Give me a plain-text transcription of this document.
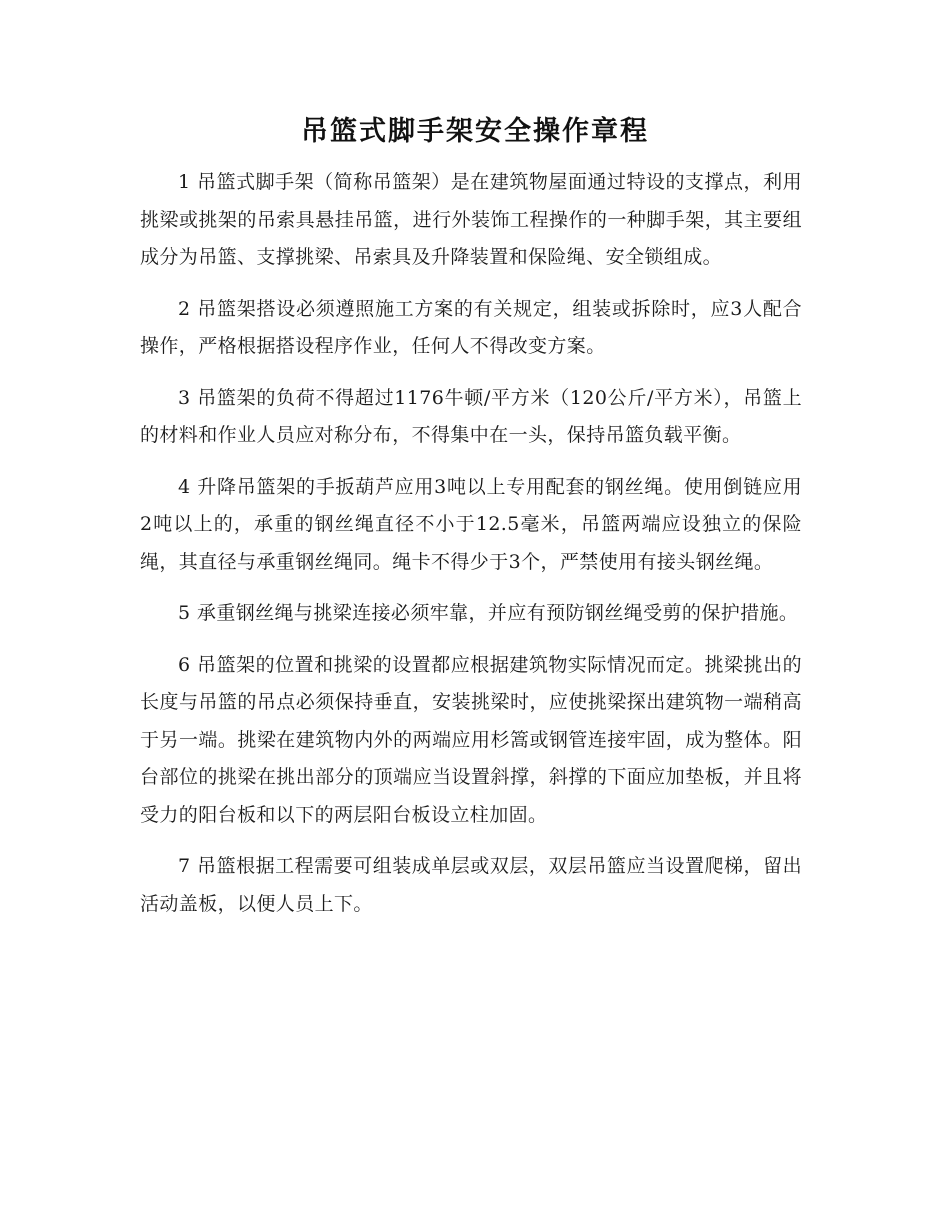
吊篮式脚手架安全操作章程

1 吊篮式脚手架（简称吊篮架）是在建筑物屋面通过特设的支撑点，利用挑梁或挑架的吊索具悬挂吊篮，进行外装饰工程操作的一种脚手架，其主要组成分为吊篮、支撑挑梁、吊索具及升降装置和保险绳、安全锁组成。

2 吊篮架搭设必须遵照施工方案的有关规定，组装或拆除时，应3人配合操作，严格根据搭设程序作业，任何人不得改变方案。

3 吊篮架的负荷不得超过1176牛顿/平方米（120公斤/平方米），吊篮上的材料和作业人员应对称分布，不得集中在一头，保持吊篮负载平衡。

4 升降吊篮架的手扳葫芦应用3吨以上专用配套的钢丝绳。使用倒链应用2吨以上的，承重的钢丝绳直径不小于12.5毫米，吊篮两端应设独立的保险绳，其直径与承重钢丝绳同。绳卡不得少于3个，严禁使用有接头钢丝绳。

5 承重钢丝绳与挑梁连接必须牢靠，并应有预防钢丝绳受剪的保护措施。

6 吊篮架的位置和挑梁的设置都应根据建筑物实际情况而定。挑梁挑出的长度与吊篮的吊点必须保持垂直，安装挑梁时，应使挑梁探出建筑物一端稍高于另一端。挑梁在建筑物内外的两端应用杉篙或钢管连接牢固，成为整体。阳台部位的挑梁在挑出部分的顶端应当设置斜撑，斜撑的下面应加垫板，并且将受力的阳台板和以下的两层阳台板设立柱加固。

7 吊篮根据工程需要可组装成单层或双层，双层吊篮应当设置爬梯，留出活动盖板，以便人员上下。
